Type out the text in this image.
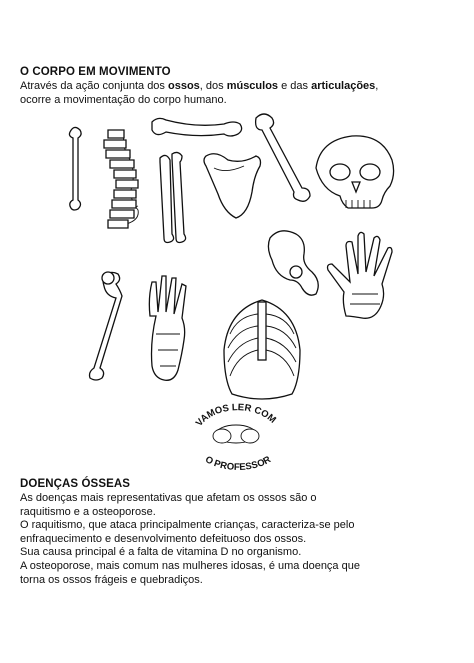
O CORPO EM MOVIMENTO
Através da ação conjunta dos ossos, dos músculos e das articulações,
ocorre a movimentação do corpo humano.
VAMOS LER COM
O PROFESSOR
DOENÇAS ÓSSEAS
As doenças mais representativas que afetam os ossos são o
raquitismo e a osteoporose.
O raquitismo, que ataca principalmente crianças, caracteriza-se pelo
enfraquecimento e desenvolvimento defeituoso dos ossos.
Sua causa principal é a falta de vitamina D no organismo.
A osteoporose, mais comum nas mulheres idosas, é uma doença que
torna os ossos frágeis e quebradiços.
